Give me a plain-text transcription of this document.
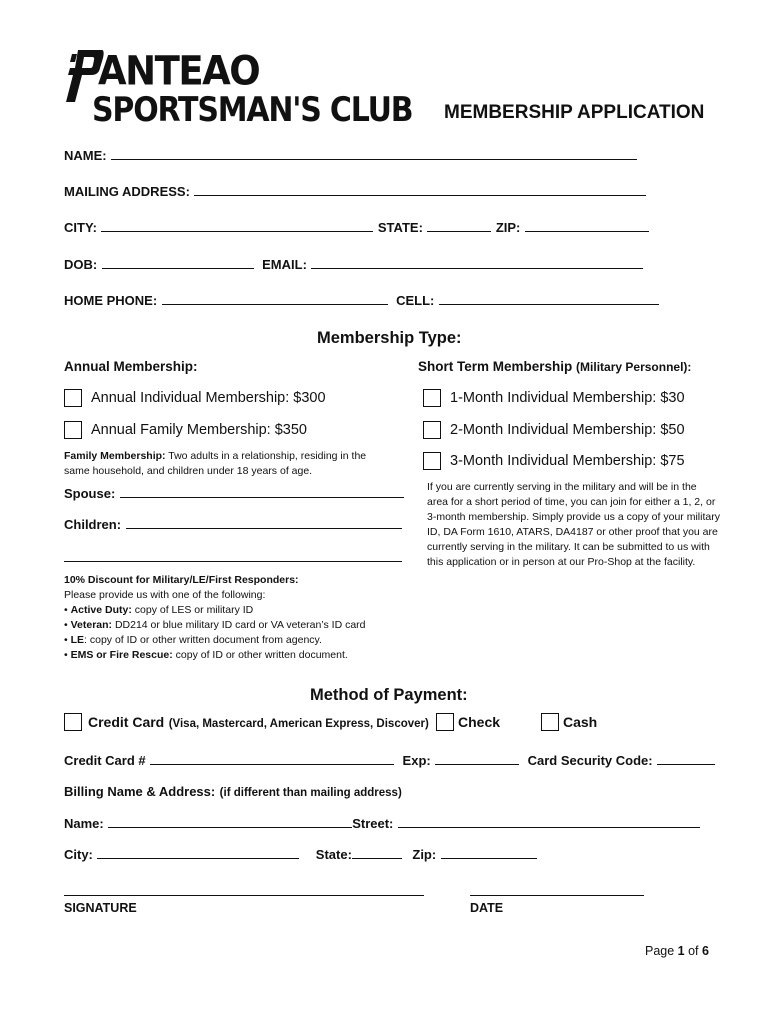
ANTEAO
SPORTSMAN'S CLUB MEMBERSHIP APPLICATION
NAME:
MAILING ADDRESS:
CITY:	STATE:	ZIP:
DOB:	EMAIL:
HOME PHONE:	CELL:
Membership Type:
Annual Membership:	Short Term Membership (Military Personnel):
Annual Individual Membership: $300
Annual Family Membership: $350
1-Month Individual Membership: $30
2-Month Individual Membership: $50
3-Month Individual Membership: $75
Family Membership: Two adults in a relationship, residing in the
same household, and children under 18 years of age.
Spouse:
Children:
If you are currently serving in the military and will be in the
area for a short period of time, you can join for either a 1, 2, or
3-month membership. Simply provide us a copy of your military
ID, DA Form 1610, ATARS, DA4187 or other proof that you are
currently serving in the military. It can be submitted to us with
this application or in person at our Pro-Shop at the facility.
10% Discount for Military/LE/First Responders:
Please provide us with one of the following:
• Active Duty: copy of LES or military ID
• Veteran: DD214 or blue military ID card or VA veteran’s ID card
• LE: copy of ID or other written document from agency.
• EMS or Fire Rescue: copy of ID or other written document.
Method of Payment:
Credit Card (Visa, Mastercard, American Express, Discover) Check	Cash
Credit Card #	Exp:	Card Security Code:
Billing Name & Address: (if different than mailing address)
Name:	Street:
City:	State:	Zip:
SIGNATURE	DATE
Page 1 of 6
